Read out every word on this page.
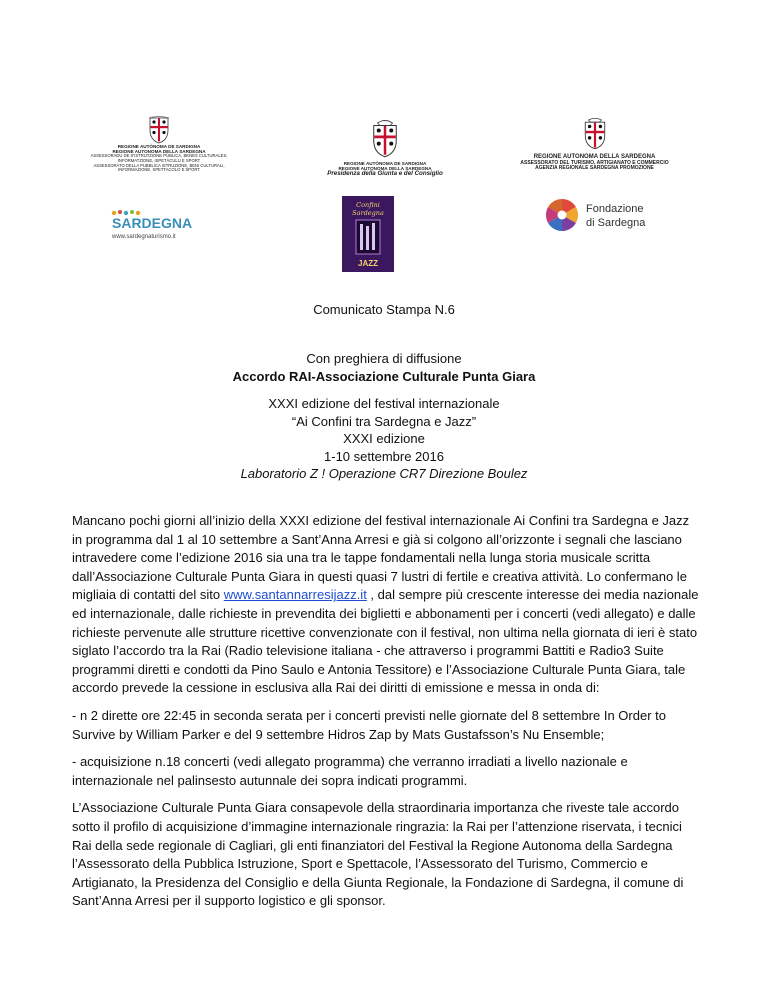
REGIONE AUTÒNOMA DE SARDIGNA
REGIONE AUTONOMA DELLA SARDEGNA
ASSESSORADU DE S'ISTRUTZIONE PÙBLICA, BENES CULTURALES,
INFORMATZIONE, ISPETÀCULU E SPORT
ASSESSORATO DELLA PUBBLICA ISTRUZIONE, BENI CULTURALI,
INFORMAZIONE, SPETTACOLO E SPORT
REGIONE AUTÒNOMA DE SARDIGNA
REGIONE AUTONOMA DELLA SARDEGNA
Presidenza della Giunta e del Consiglio
REGIONE AUTONOMA DELLA SARDEGNA
ASSESSORATO DEL TURISMO, ARTIGIANATO E COMMERCIO
AGENZIA REGIONALE SARDEGNA PROMOZIONE
SARDEGNA
www.sardegnaturismo.it
Confini
Sardegna
JAZZ
Fondazione
di Sardegna
Comunicato Stampa N.6
Con preghiera di diffusione
Accordo RAI-Associazione Culturale Punta Giara
XXXI edizione del festival internazionale
“Ai Confini tra Sardegna e Jazz”
XXXI edizione
1-10 settembre 2016
Laboratorio Z ! Operazione CR7 Direzione Boulez

Mancano pochi giorni all’inizio della XXXI edizione del festival internazionale Ai Confini tra Sardegna e Jazz in programma dal 1 al 10 settembre a Sant’Anna Arresi e già si colgono all’orizzonte i segnali che lasciano intravedere come l’edizione 2016 sia una tra le tappe fondamentali nella lunga storia musicale scritta dall’Associazione Culturale Punta Giara in questi quasi 7 lustri di fertile e creativa attività. Lo confermano le migliaia di contatti del sito www.santannarresijazz.it , dal sempre più crescente interesse dei media nazionale ed internazionale, dalle richieste in prevendita dei biglietti e abbonamenti per i concerti (vedi allegato) e dalle richieste pervenute alle strutture ricettive convenzionate con il festival, non ultima nella giornata di ieri è stato siglato l’accordo tra la Rai (Radio televisione italiana - che attraverso i programmi Battiti e Radio3 Suite programmi diretti e condotti da Pino Saulo e Antonia Tessitore) e l’Associazione Culturale Punta Giara, tale accordo prevede la cessione in esclusiva alla Rai dei diritti di emissione e messa in onda di:

- n 2 dirette ore 22:45 in seconda serata per i concerti previsti nelle giornate del 8 settembre In Order to Survive by William Parker e del 9 settembre Hidros Zap by Mats Gustafsson’s Nu Ensemble;

- acquisizione n.18 concerti (vedi allegato programma) che verranno irradiati a livello nazionale e internazionale nel palinsesto autunnale dei sopra indicati programmi.

L’Associazione Culturale Punta Giara consapevole della straordinaria importanza che riveste tale accordo sotto il profilo di acquisizione d’immagine internazionale ringrazia: la Rai per l’attenzione riservata, i tecnici Rai della sede regionale di Cagliari, gli enti finanziatori del Festival la Regione Autonoma della Sardegna l’Assessorato della Pubblica Istruzione, Sport e Spettacole, l’Assessorato del Turismo, Commercio e Artigianato, la Presidenza del Consiglio e della Giunta Regionale, la Fondazione di Sardegna, il comune di Sant’Anna Arresi per il supporto logistico e gli sponsor.
